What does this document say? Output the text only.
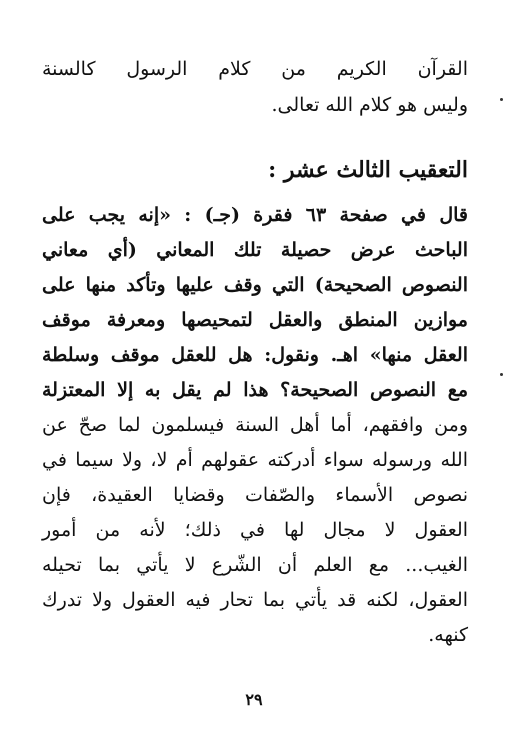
القرآن الكريم من كلام الرسول كالسنة
وليس هو كلام الله تعالى.
التعقيب الثالث عشر :
قال في صفحة ٦٣ فقرة (جـ) : «إنه يجب على
الباحث عرض حصيلة تلك المعاني (أي معاني
النصوص الصحيحة) التي وقف عليها وتأكد منها على
موازين المنطق والعقل لتمحيصها ومعرفة موقف
العقل منها» اهـ. ونقول: هل للعقل موقف وسلطة
مع النصوص الصحيحة؟ هذا لم يقل به إلا المعتزلة
ومن وافقهم، أما أهل السنة فيسلمون لما صحّ عن
الله ورسوله سواء أدركته عقولهم أم لا، ولا سيما في
نصوص الأسماء والصّفات وقضايا العقيدة، فإن
العقول لا مجال لها في ذلك؛ لأنه من أمور
الغيب... مع العلم أن الشّرع لا يأتي بما تحيله
العقول، لكنه قد يأتي بما تحار فيه العقول ولا تدرك
كنهه.
٢٩
